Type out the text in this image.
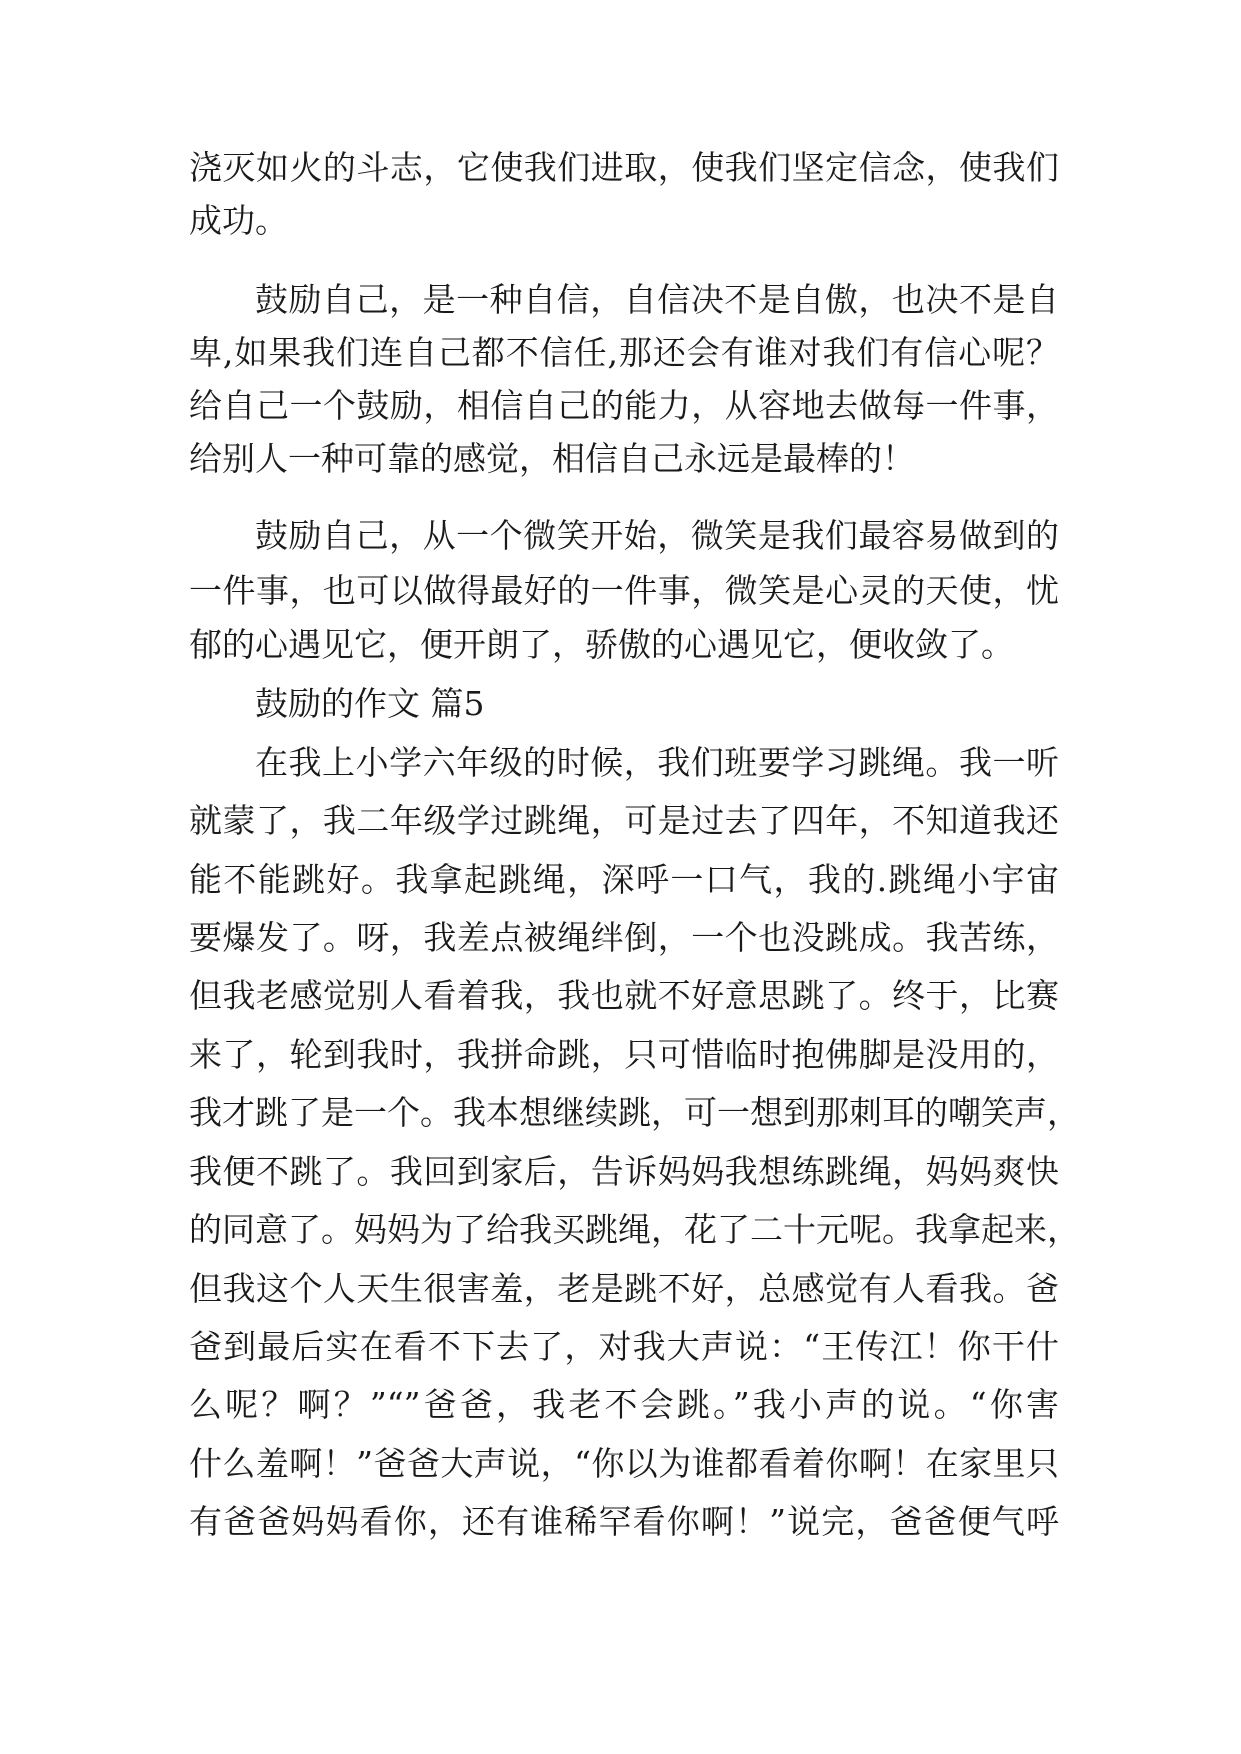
浇灭如火的斗志，它使我们进取，使我们坚定信念，使我们
成功。
鼓励自己，是一种自信，自信决不是自傲，也决不是自
卑,如果我们连自己都不信任,那还会有谁对我们有信心呢？
给自己一个鼓励，相信自己的能力，从容地去做每一件事，
给别人一种可靠的感觉，相信自己永远是最棒的！
鼓励自己，从一个微笑开始，微笑是我们最容易做到的
一件事，也可以做得最好的一件事，微笑是心灵的天使，忧
郁的心遇见它，便开朗了，骄傲的心遇见它，便收敛了。
鼓励的作文 篇5
在我上小学六年级的时候，我们班要学习跳绳。我一听
就蒙了，我二年级学过跳绳，可是过去了四年，不知道我还
能不能跳好。我拿起跳绳，深呼一口气，我的.跳绳小宇宙
要爆发了。呀，我差点被绳绊倒，一个也没跳成。我苦练，
但我老感觉别人看着我，我也就不好意思跳了。终于，比赛
来了，轮到我时，我拼命跳，只可惜临时抱佛脚是没用的，
我才跳了是一个。我本想继续跳，可一想到那刺耳的嘲笑声，
我便不跳了。我回到家后，告诉妈妈我想练跳绳，妈妈爽快
的同意了。妈妈为了给我买跳绳，花了二十元呢。我拿起来，
但我这个人天生很害羞，老是跳不好，总感觉有人看我。爸
爸到最后实在看不下去了，对我大声说：“王传江！你干什
么呢？啊？”“”爸爸，我老不会跳。”我小声的说。“你害
什么羞啊！”爸爸大声说，“你以为谁都看着你啊！在家里只
有爸爸妈妈看你，还有谁稀罕看你啊！”说完，爸爸便气呼
